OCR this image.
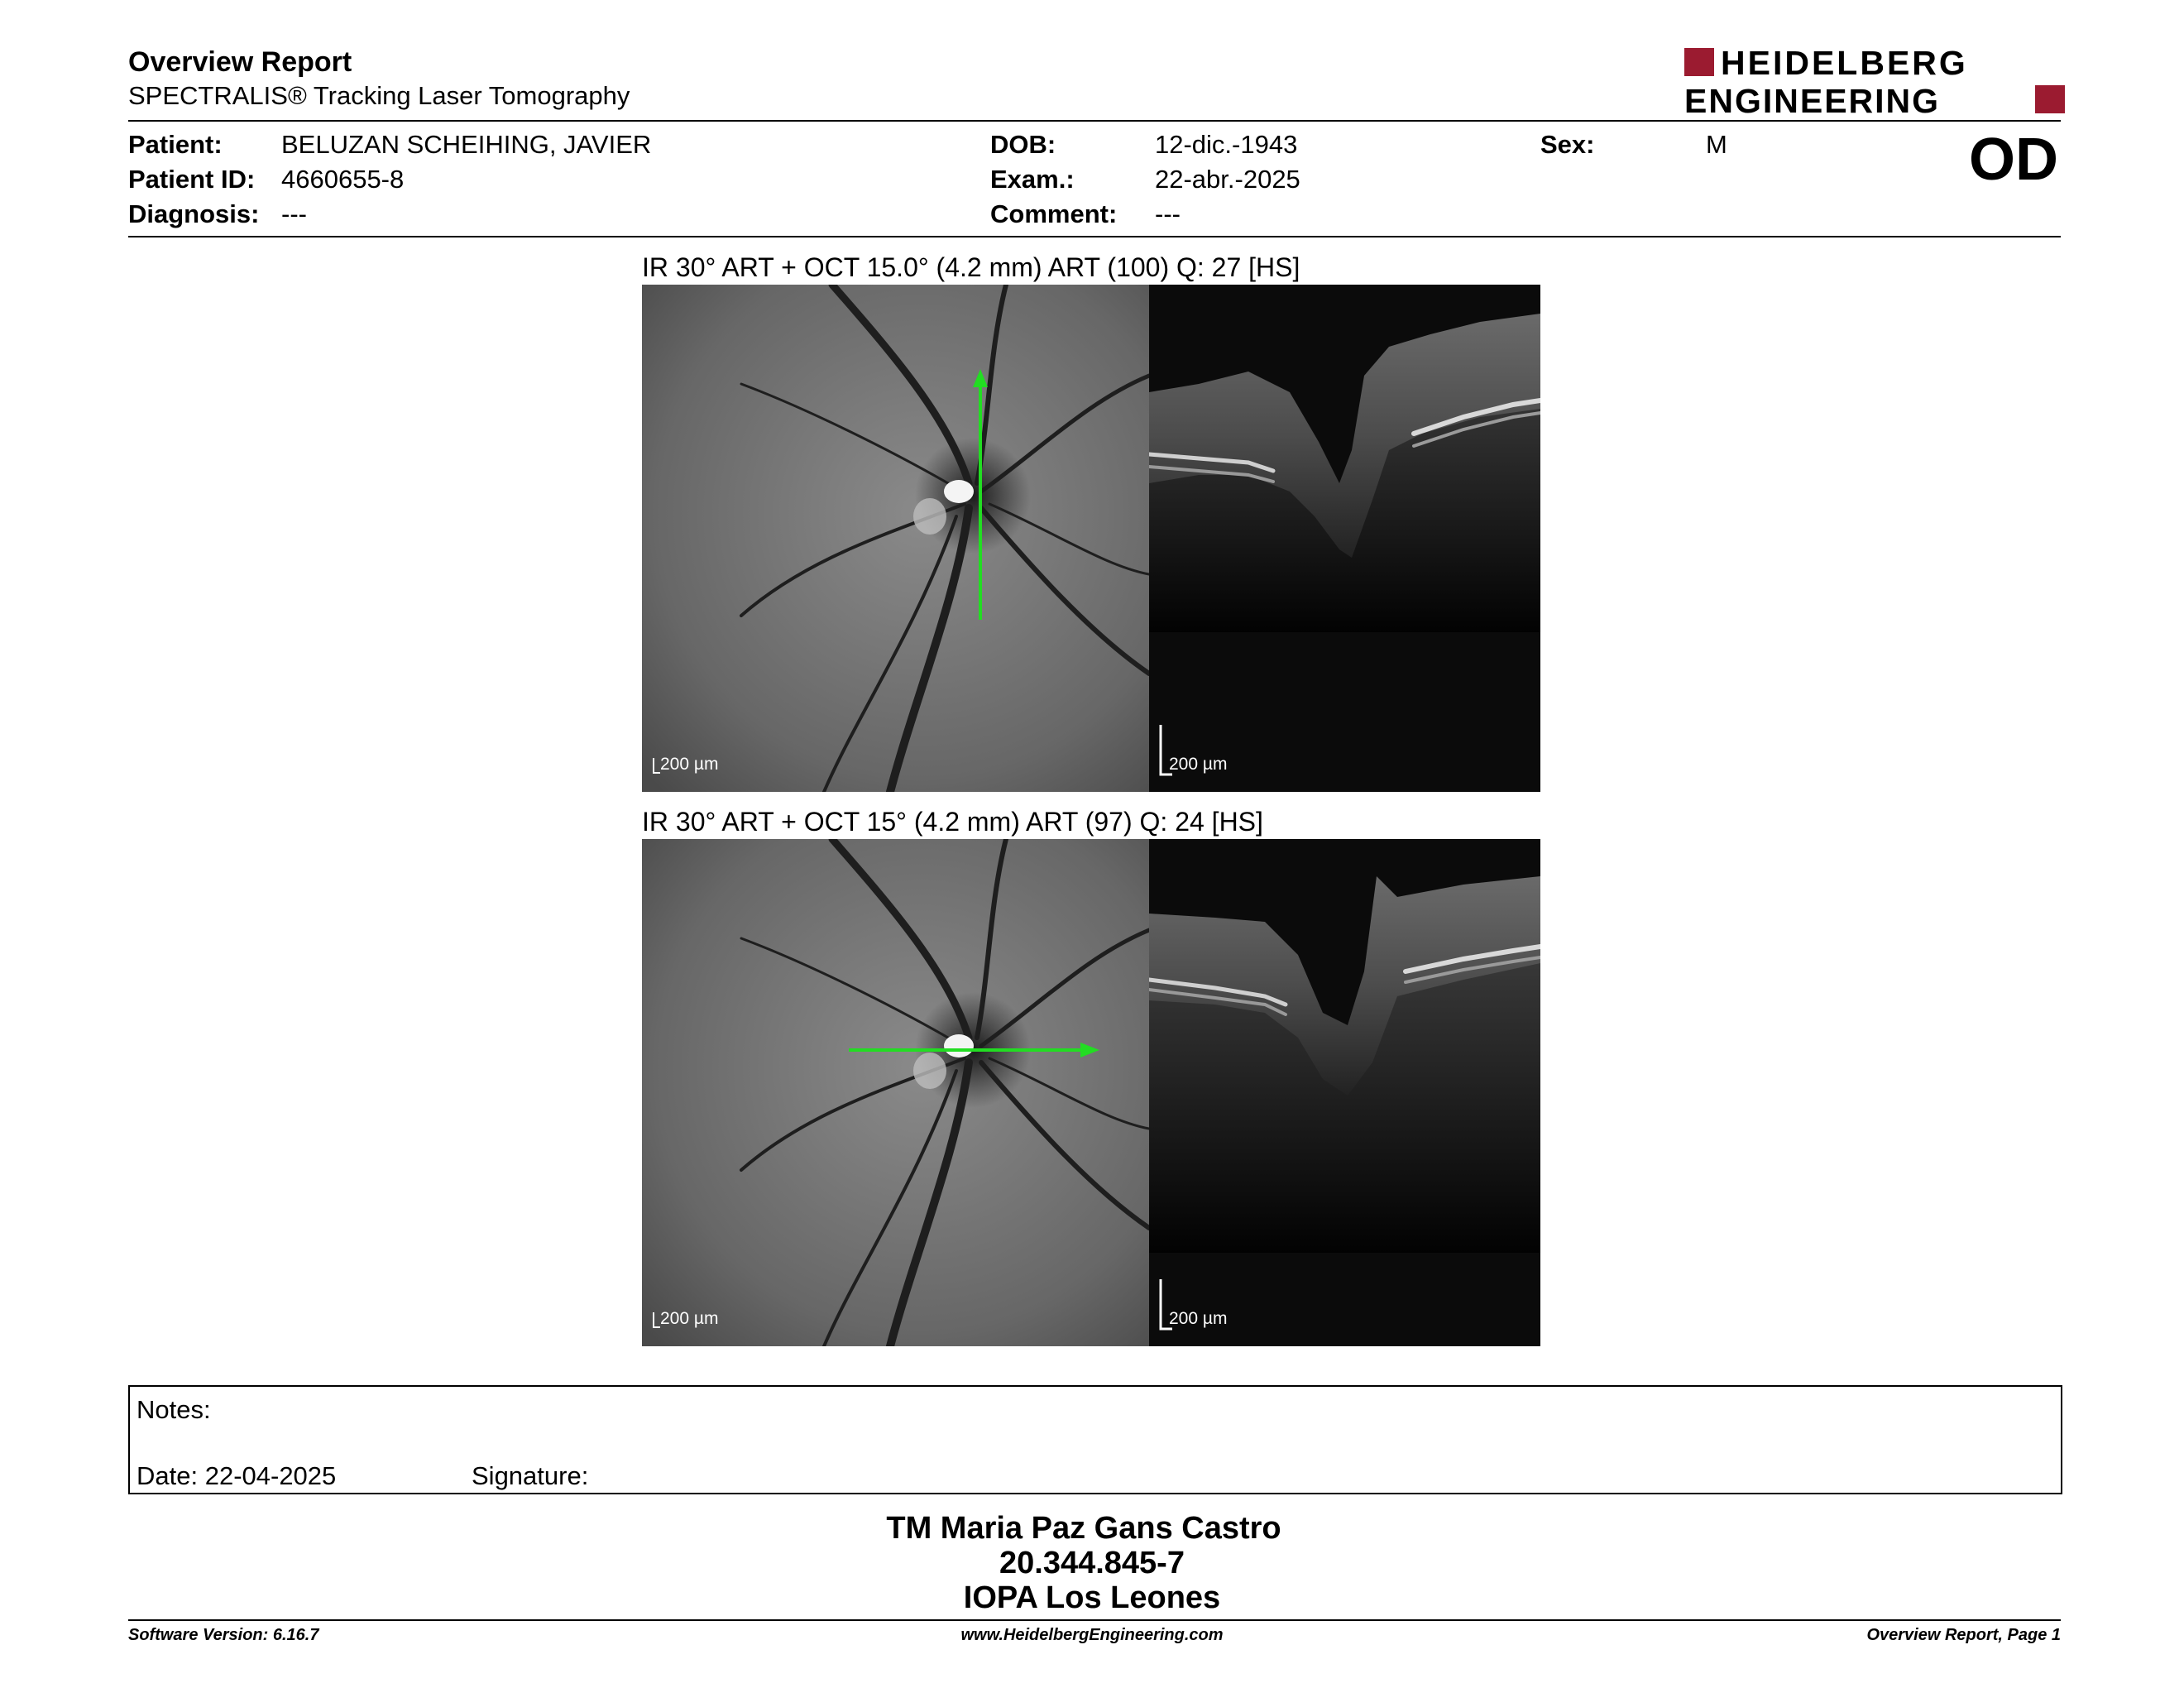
Overview Report
SPECTRALIS® Tracking Laser Tomography
HEIDELBERG
ENGINEERING
Patient: BELUZAN SCHEIHING, JAVIER
Patient ID: 4660655-8
Diagnosis: ---
DOB:	12-dic.-1943
Exam.:	22-abr.-2025
Comment: ---
Sex:	M	OD
IR 30° ART + OCT 15.0° (4.2 mm) ART (100) Q: 27 [HS]
200 µm	200 µm
IR 30° ART + OCT 15° (4.2 mm) ART (97) Q: 24 [HS]
200 µm	200 µm
Notes:
Date: 22-04-2025	Signature:
TM Maria Paz Gans Castro
20.344.845-7
IOPA Los Leones
Software Version: 6.16.7	www.HeidelbergEngineering.com	Overview Report, Page 1
